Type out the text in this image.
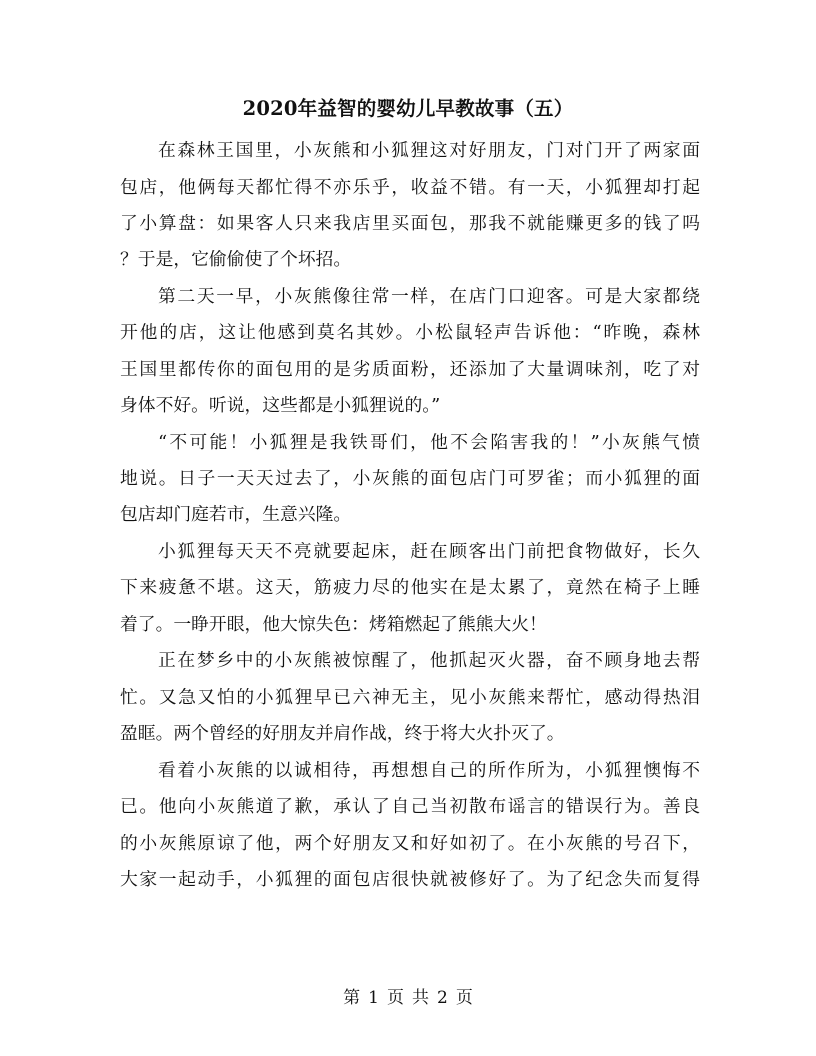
2020年益智的婴幼儿早教故事（五）
在森林王国里，小灰熊和小狐狸这对好朋友，门对门开了两家面
包店，他俩每天都忙得不亦乐乎，收益不错。有一天，小狐狸却打起
了小算盘：如果客人只来我店里买面包，那我不就能赚更多的钱了吗
？于是，它偷偷使了个坏招。
第二天一早，小灰熊像往常一样，在店门口迎客。可是大家都绕
开他的店，这让他感到莫名其妙。小松鼠轻声告诉他：“昨晚，森林
王国里都传你的面包用的是劣质面粉，还添加了大量调味剂，吃了对
身体不好。听说，这些都是小狐狸说的。”
“不可能！小狐狸是我铁哥们，他不会陷害我的！”小灰熊气愤
地说。日子一天天过去了，小灰熊的面包店门可罗雀；而小狐狸的面
包店却门庭若市，生意兴隆。
小狐狸每天天不亮就要起床，赶在顾客出门前把食物做好，长久
下来疲惫不堪。这天，筋疲力尽的他实在是太累了，竟然在椅子上睡
着了。一睁开眼，他大惊失色：烤箱燃起了熊熊大火！
正在梦乡中的小灰熊被惊醒了，他抓起灭火器，奋不顾身地去帮
忙。又急又怕的小狐狸早已六神无主，见小灰熊来帮忙，感动得热泪
盈眶。两个曾经的好朋友并肩作战，终于将大火扑灭了。
看着小灰熊的以诚相待，再想想自己的所作所为，小狐狸懊悔不
已。他向小灰熊道了歉，承认了自己当初散布谣言的错误行为。善良
的小灰熊原谅了他，两个好朋友又和好如初了。在小灰熊的号召下，
大家一起动手，小狐狸的面包店很快就被修好了。为了纪念失而复得
第 1 页 共 2 页
